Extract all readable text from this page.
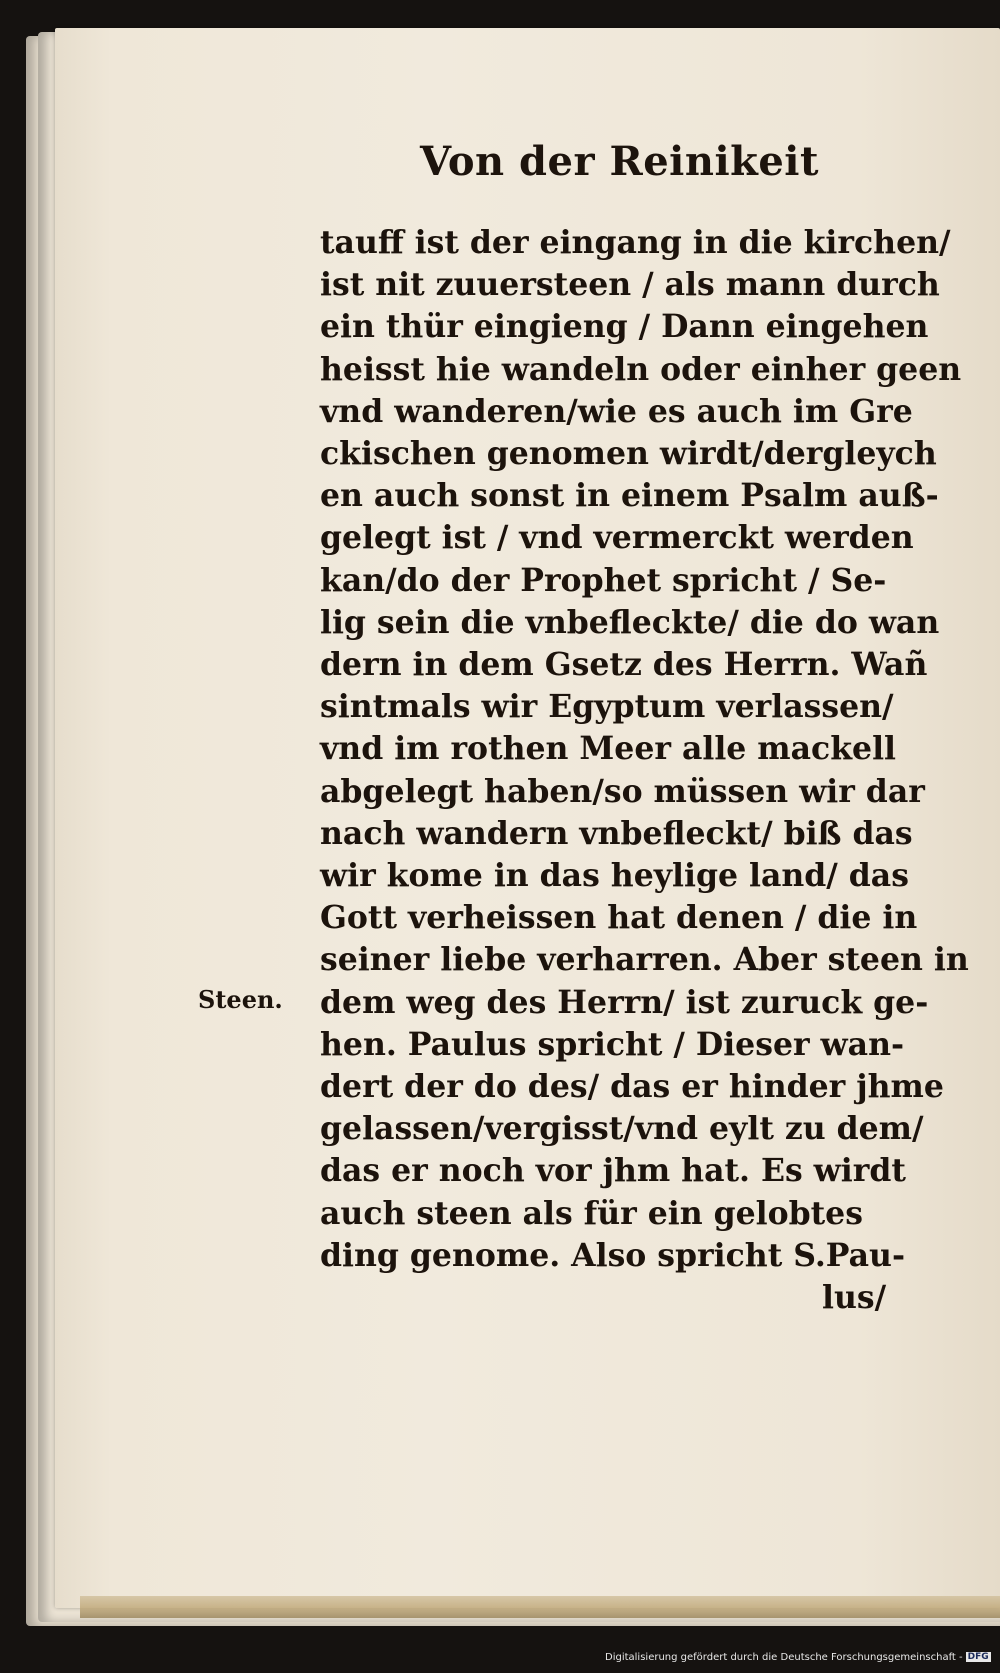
Von der Reinikeit
Steen.
tauff ist der eingang in die kirchen/
ist nit zuuersteen / als mann durch
ein thür eingieng / Dann eingehen
heisst hie wandeln oder einher geen
vnd wanderen/wie es auch im Gre
ckischen genomen wirdt/dergleych
en auch sonst in einem Psalm auß-
gelegt ist / vnd vermerckt werden
kan/do der Prophet spricht / Se-
lig sein die vnbefleckte/ die do wan
dern in dem Gsetz des Herrn. Wañ
sintmals wir Egyptum verlassen/
vnd im rothen Meer alle mackell
abgelegt haben/so müssen wir dar
nach wandern vnbefleckt/ biß das
wir kome in das heylige land/ das
Gott verheissen hat denen / die in
seiner liebe verharren. Aber steen in
dem weg des Herrn/ ist zuruck ge-
hen. Paulus spricht / Dieser wan-
dert der do des/ das er hinder jhme
gelassen/vergisst/vnd eylt zu dem/
das er noch vor jhm hat. Es wirdt
auch steen als für ein gelobtes
ding genome. Also spricht S.Pau-
lus/
Digitalisierung gefördert durch die Deutsche Forschungsgemeinschaft - DFG
